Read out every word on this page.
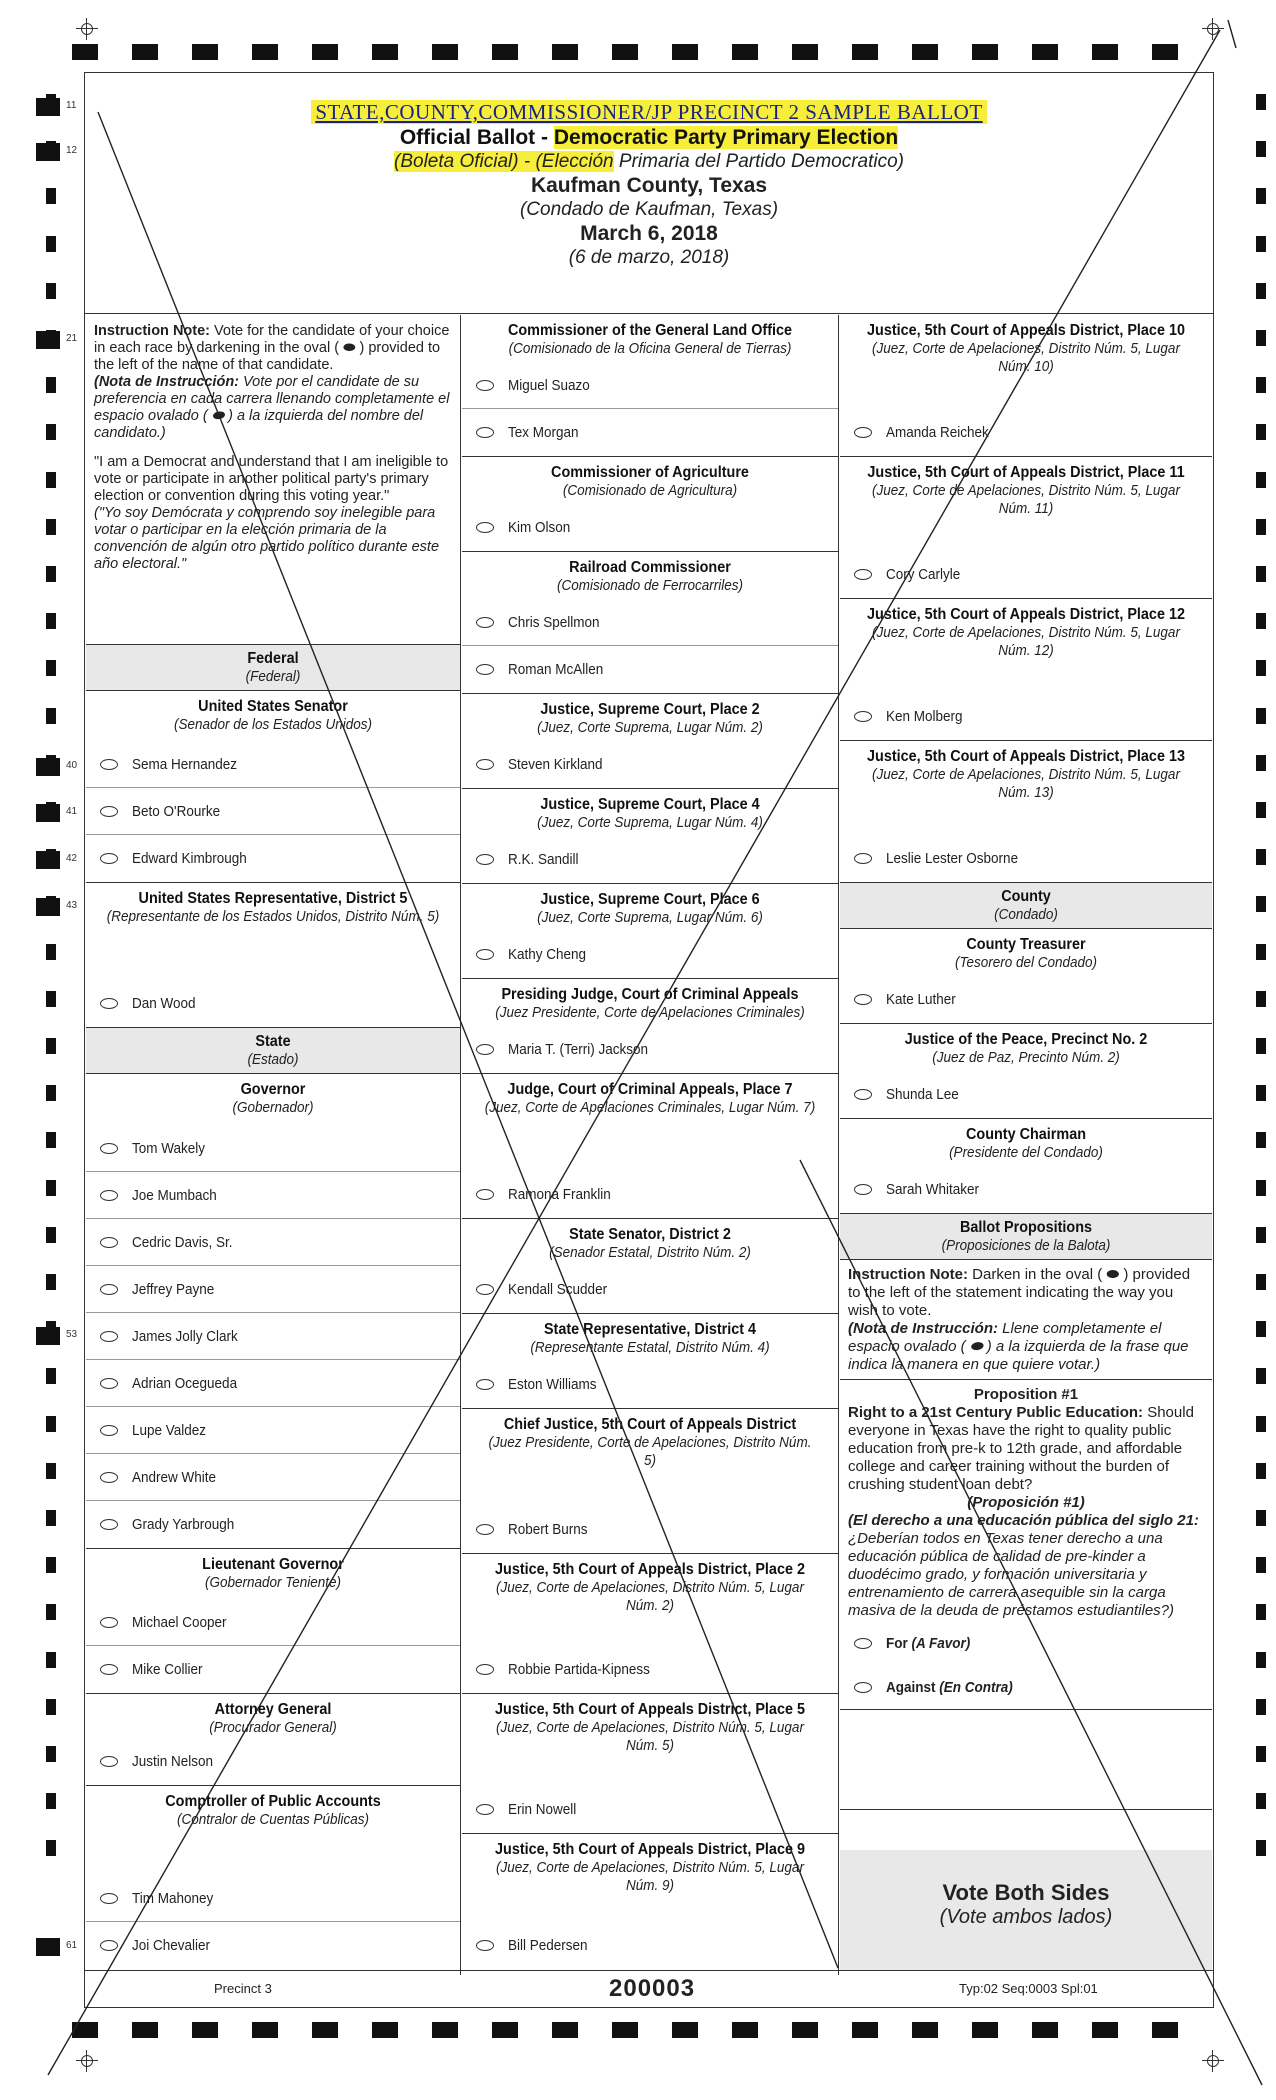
11
12
21
40
41
42
43
53
61
STATE,COUNTY,COMMISSIONER/JP PRECINCT 2 SAMPLE BALLOT
Official Ballot - Democratic Party Primary Election
(Boleta Oficial) - (Elección Primaria del Partido Democratico)
Kaufman County, Texas
(Condado de Kaufman, Texas)
March 6, 2018
(6 de marzo, 2018)

Instruction Note: Vote for the candidate of your choice in each race by darkening in the oval ( ⬬ ) provided to the left of the name of that candidate.
(Nota de Instrucción: Vote por el candidate de su preferencia en cada carrera llenando completamente el espacio ovalado ( ⬬ ) a la izquierda del nombre del candidato.)

"I am a Democrat and understand that I am ineligible to vote or participate in another political party's primary election or convention during this voting year."
("Yo soy Demócrata y comprendo soy inelegible para votar o participar en la elección primaria de la convención de algún otro partido político durante este año electoral."

Federal
(Federal)
United States Senator
(Senador de los Estados Unidos)
Sema Hernandez
Beto O'Rourke
Edward Kimbrough
United States Representative, District 5
(Representante de los Estados Unidos, Distrito Núm. 5)
Dan Wood
State
(Estado)
Governor
(Gobernador)
Tom Wakely
Joe Mumbach
Cedric Davis, Sr.
Jeffrey Payne
James Jolly Clark
Adrian Ocegueda
Lupe Valdez
Andrew White
Grady Yarbrough
Lieutenant Governor
(Gobernador Teniente)
Michael Cooper
Mike Collier
Attorney General
(Procurador General)
Justin Nelson
Comptroller of Public Accounts
(Contralor de Cuentas Públicas)
Tim Mahoney
Joi Chevalier
Commissioner of the General Land Office
(Comisionado de la Oficina General de Tierras)
Miguel Suazo
Tex Morgan
Commissioner of Agriculture
(Comisionado de Agricultura)
Kim Olson
Railroad Commissioner
(Comisionado de Ferrocarriles)
Chris Spellmon
Roman McAllen
Justice, Supreme Court, Place 2
(Juez, Corte Suprema, Lugar Núm. 2)
Steven Kirkland
Justice, Supreme Court, Place 4
(Juez, Corte Suprema, Lugar Núm. 4)
R.K. Sandill
Justice, Supreme Court, Place 6
(Juez, Corte Suprema, Lugar Núm. 6)
Kathy Cheng
Presiding Judge, Court of Criminal Appeals
(Juez Presidente, Corte de Apelaciones Criminales)
Maria T. (Terri) Jackson
Judge, Court of Criminal Appeals, Place 7
(Juez, Corte de Apelaciones Criminales, Lugar Núm. 7)
Ramona Franklin
State Senator, District 2
(Senador Estatal, Distrito Núm. 2)
Kendall Scudder
State Representative, District 4
(Representante Estatal, Distrito Núm. 4)
Eston Williams
Chief Justice, 5th Court of Appeals District
(Juez Presidente, Corte de Apelaciones, Distrito Núm. 5)
Robert Burns
Justice, 5th Court of Appeals District, Place 2
(Juez, Corte de Apelaciones, Distrito Núm. 5, Lugar Núm. 2)
Robbie Partida-Kipness
Justice, 5th Court of Appeals District, Place 5
(Juez, Corte de Apelaciones, Distrito Núm. 5, Lugar Núm. 5)
Erin Nowell
Justice, 5th Court of Appeals District, Place 9
(Juez, Corte de Apelaciones, Distrito Núm. 5, Lugar Núm. 9)
Bill Pedersen
Justice, 5th Court of Appeals District, Place 10
(Juez, Corte de Apelaciones, Distrito Núm. 5, Lugar Núm. 10)
Amanda Reichek
Justice, 5th Court of Appeals District, Place 11
(Juez, Corte de Apelaciones, Distrito Núm. 5, Lugar Núm. 11)
Cory Carlyle
Justice, 5th Court of Appeals District, Place 12
(Juez, Corte de Apelaciones, Distrito Núm. 5, Lugar Núm. 12)
Ken Molberg
Justice, 5th Court of Appeals District, Place 13
(Juez, Corte de Apelaciones, Distrito Núm. 5, Lugar Núm. 13)
Leslie Lester Osborne
County
(Condado)
County Treasurer
(Tesorero del Condado)
Kate Luther
Justice of the Peace, Precinct No. 2
(Juez de Paz, Precinto Núm. 2)
Shunda Lee
County Chairman
(Presidente del Condado)
Sarah Whitaker
Ballot Propositions
(Proposiciones de la Balota)
Instruction Note: Darken in the oval ( ⬬ ) provided to the left of the statement indicating the way you wish to vote.
(Nota de Instrucción: Llene completamente el espacio ovalado ( ⬬ ) a la izquierda de la frase que indica la manera en que quiere votar.)
Proposition #1
Right to a 21st Century Public Education: Should everyone in Texas have the right to quality public education from pre-k to 12th grade, and affordable college and career training without the burden of crushing student loan debt?
(Proposición #1)
(El derecho a una educación pública del siglo 21: ¿Deberían todos en Texas tener derecho a una educación pública de calidad de pre-kinder a duodécimo grado, y formación universitaria y entrenamiento de carrera asequible sin la carga masiva de la deuda de préstamos estudiantiles?)
For (A Favor)
Against (En Contra)
Vote Both Sides
(Vote ambos lados)
Precinct 3	200003	Typ:02 Seq:0003 Spl:01
